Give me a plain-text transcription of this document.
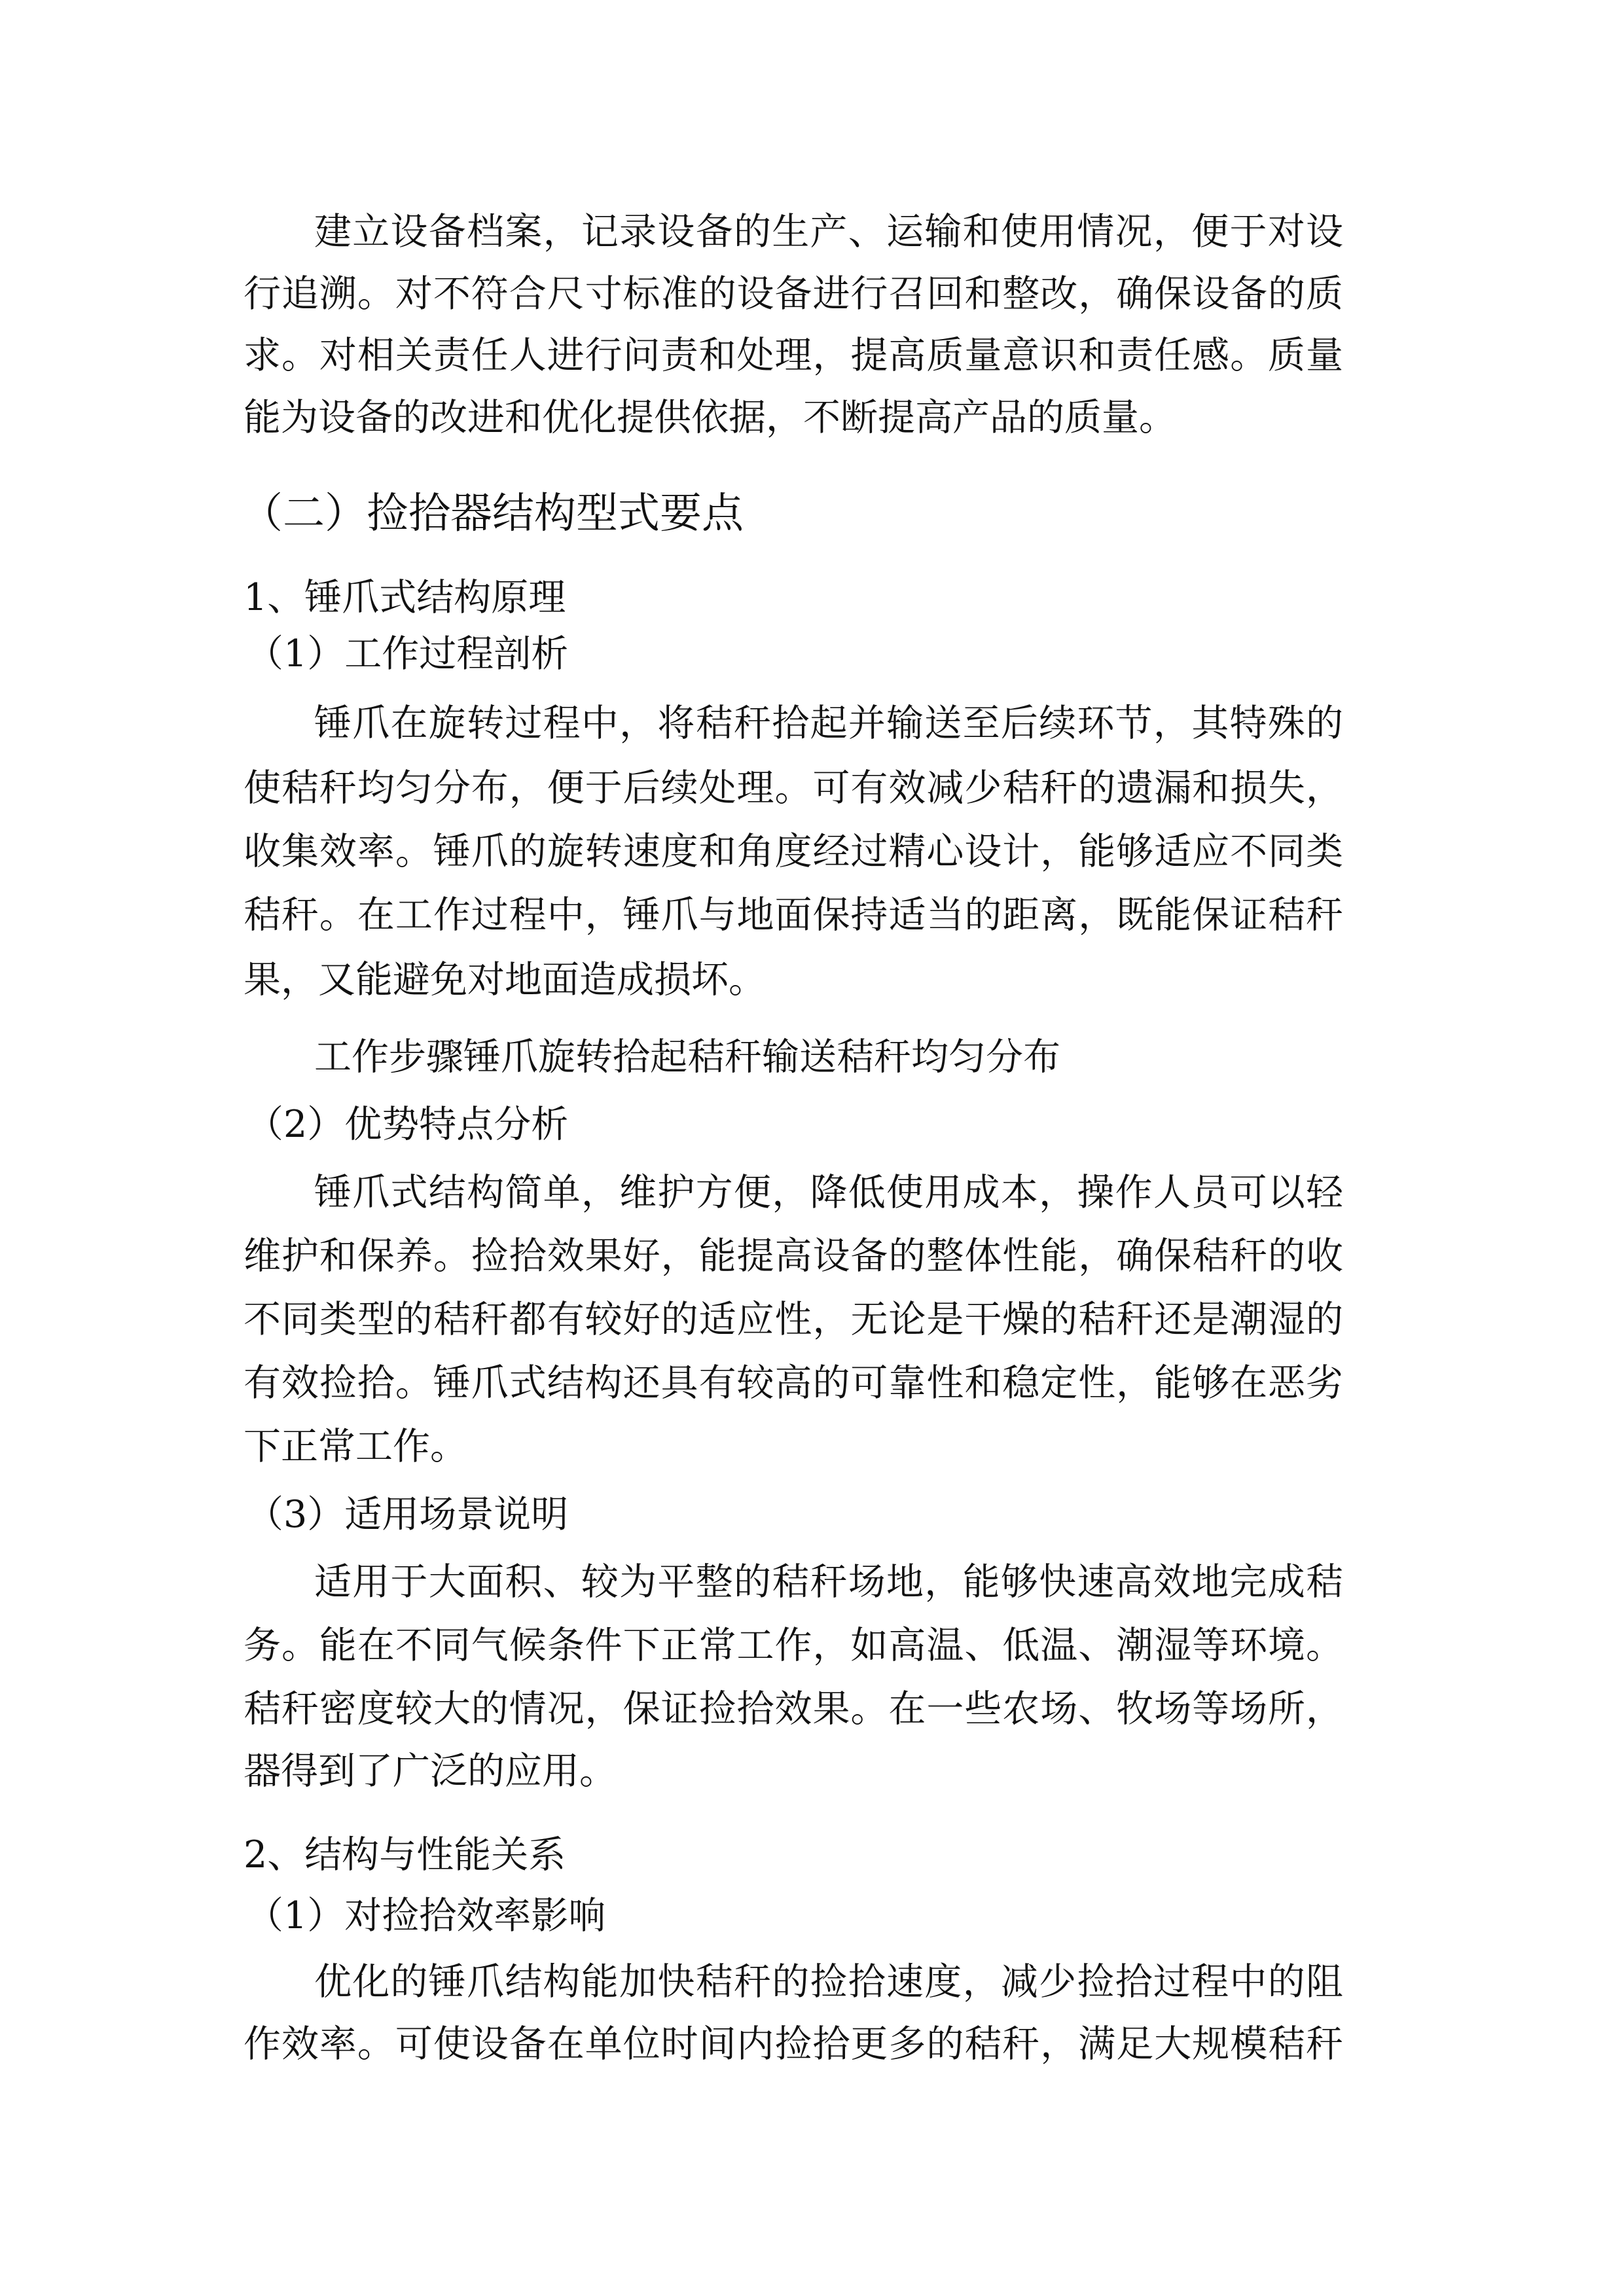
建立设备档案，记录设备的生产、运输和使用情况，便于对设
行追溯。对不符合尺寸标准的设备进行召回和整改，确保设备的质
求。对相关责任人进行问责和处理，提高质量意识和责任感。质量
能为设备的改进和优化提供依据，不断提高产品的质量。
（二）捡拾器结构型式要点
1、锤爪式结构原理
（1）工作过程剖析
锤爪在旋转过程中，将秸秆拾起并输送至后续环节，其特殊的
使秸秆均匀分布，便于后续处理。可有效减少秸秆的遗漏和损失，
收集效率。锤爪的旋转速度和角度经过精心设计，能够适应不同类
秸秆。在工作过程中，锤爪与地面保持适当的距离，既能保证秸秆
果，又能避免对地面造成损坏。
工作步骤锤爪旋转拾起秸秆输送秸秆均匀分布
（2）优势特点分析
锤爪式结构简单，维护方便，降低使用成本，操作人员可以轻
维护和保养。捡拾效果好，能提高设备的整体性能，确保秸秆的收
不同类型的秸秆都有较好的适应性，无论是干燥的秸秆还是潮湿的
有效捡拾。锤爪式结构还具有较高的可靠性和稳定性，能够在恶劣
下正常工作。
（3）适用场景说明
适用于大面积、较为平整的秸秆场地，能够快速高效地完成秸
务。能在不同气候条件下正常工作，如高温、低温、潮湿等环境。
秸秆密度较大的情况，保证捡拾效果。在一些农场、牧场等场所，
器得到了广泛的应用。
2、结构与性能关系
（1）对捡拾效率影响
优化的锤爪结构能加快秸秆的捡拾速度，减少捡拾过程中的阻
作效率。可使设备在单位时间内捡拾更多的秸秆，满足大规模秸秆
